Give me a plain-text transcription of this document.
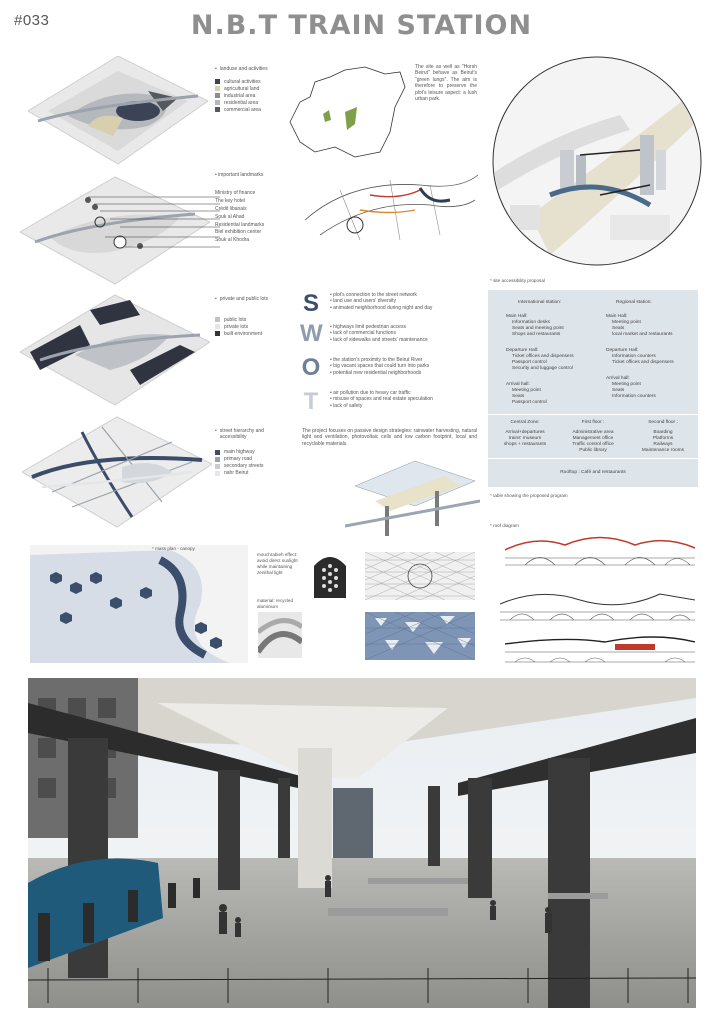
#033	N.B.T TRAIN STATION
• landuse and activities
cultural activities
agricultural land
industrial area
residential area
commercial area
The site as well as "Horsh Beirut" behave as Beirut's "green lungs". The aim is therefore to preserve the plot's leisure aspect: a lush urban park.
* site accessibility proposal
• important landmarks
Ministry of finance
The key hotel
Crédit libanais
Souk al Ahad
Residential landmarks
Biel exhibition center
Souk al Khodra
• private and public lots
public lots
private lots
built environment
S
W
O
T
• plot's connection to the street network
• land use and users' diversity
• animated neighborhood during night and day
• highways limit pedestrian access
• lack of commercial functions
• lack of sidewalks and streets' maintenance
• the station's proximity to the Beirut River
• big vacant spaces that could turn into parks
• potential new residential neighborhoods
• air pollution due to heavy car traffic
• misuse of spaces and real estate speculation
• lack of safety
The project focuses on passive design strategies: rainwater harvesting, natural light and ventilation, photovoltaic cells and low carbon footprint, local and recyclable materials.
International station:	Regional station:
Main Hall:
Information desks
Seats and meeting point
Shops and restaurants
Main Hall:
Meeting point
Seats
local market and restaurants
Departure Hall:
Ticket offices and dispensers
Passport control
Security and luggage control
Departure Hall:
Information counters
Ticket offices and dispensers
Arrival hall:
Meeting point
Seats
Passport control
Arrival hall:
Meeting point
Seats
Information counters
Central Zone:
Arrival+departures
trains' museum
shops + restaurants
First floor :
Administrative area
Management office
Traffic control office
Public library
Second floor :
Boarding
Platforms
Railways
Maintenance rooms
Rooftop : Café and restaurants
* table showing the proposed program
• street hierarchy and accessibility
main highway
primary road
secondary streets
nahr Beirut
* mass plan - canopy
mouchrabieh effect: avoid direct sunlight while maintaining zenithal light
material: recycled aluminium
* roof diagram
